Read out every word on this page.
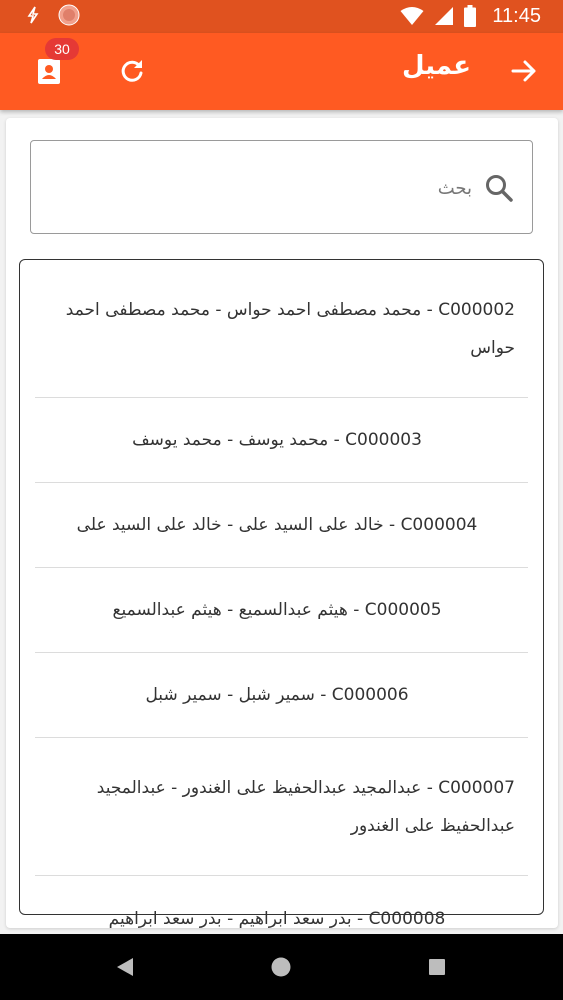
11:45
30
عميل
بحث
C000002 - محمد مصطفى احمد حواس - محمد مصطفى احمد حواس
C000003 - محمد يوسف - محمد يوسف
C000004 - خالد على السيد على - خالد على السيد على
C000005 - هيثم عبدالسميع - هيثم عبدالسميع
C000006 - سمير شبل - سمير شبل
C000007 - عبدالمجيد عبدالحفيظ على الغندور - عبدالمجيد عبدالحفيظ على الغندور
C000008 - بدر سعد ابراهيم - بدر سعد ابراهيم
